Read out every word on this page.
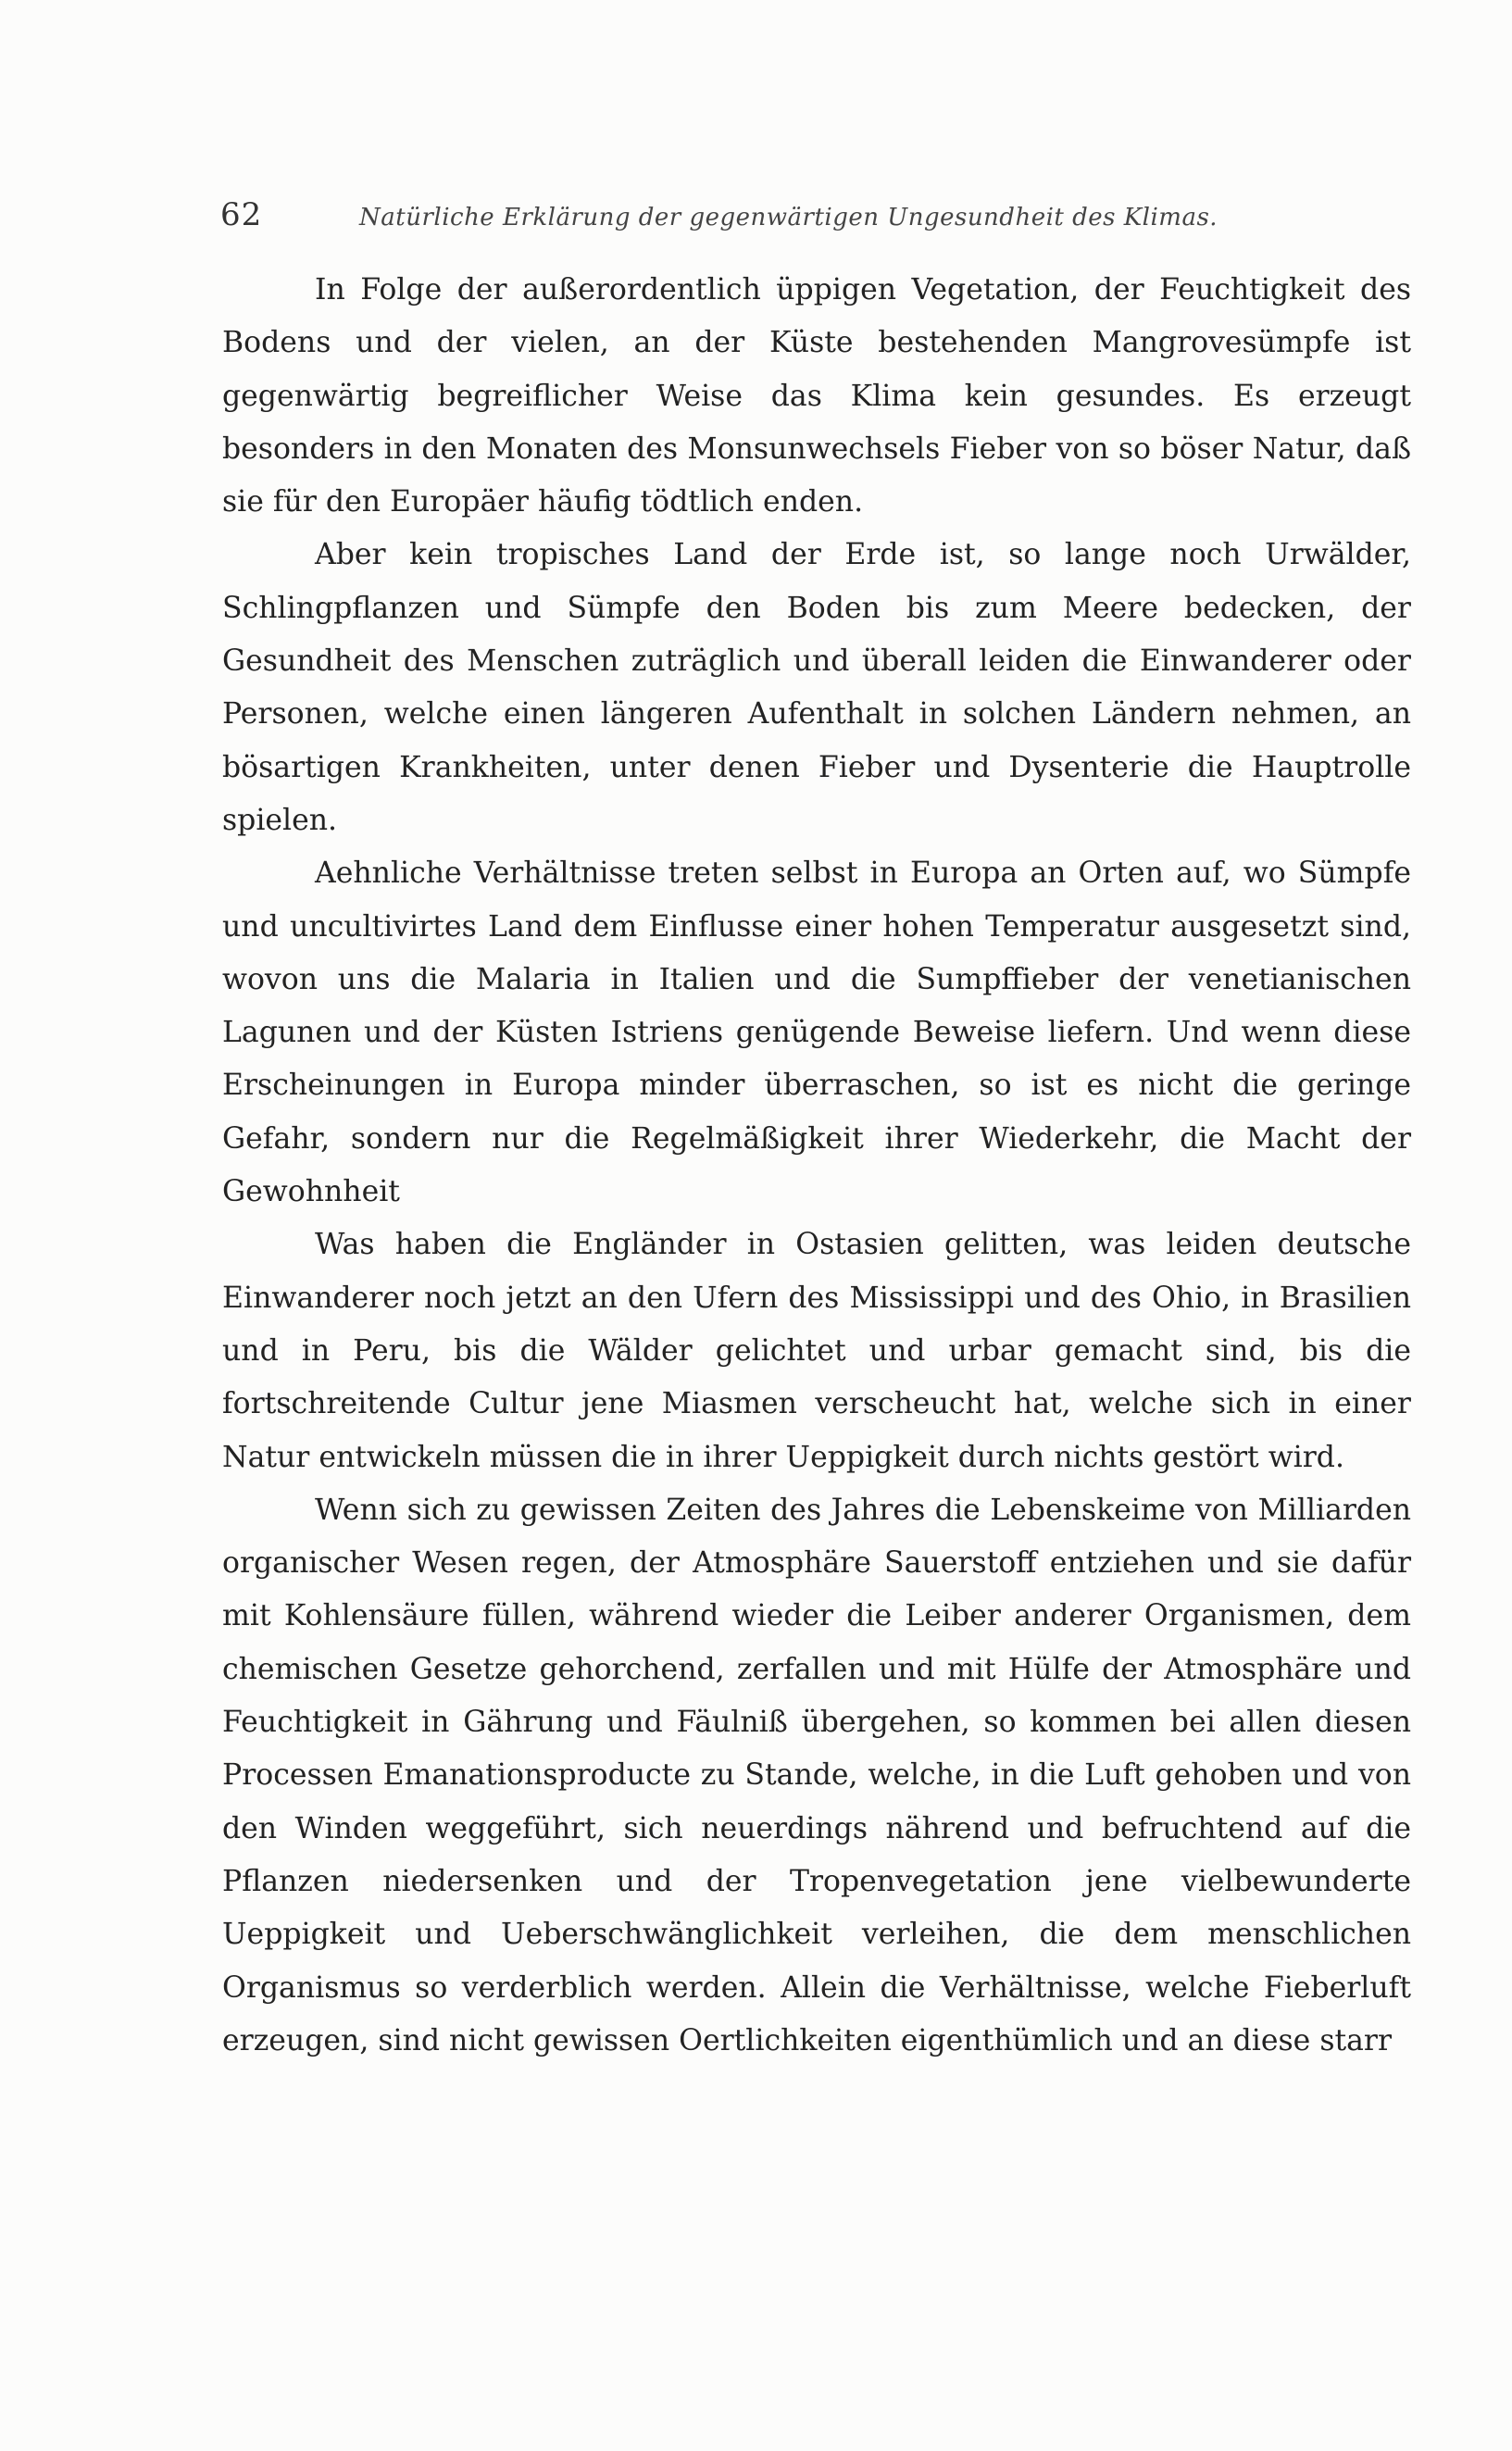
62	Natürliche Erklärung der gegenwärtigen Ungesundheit des Klimas.

In Folge der außerordentlich üppigen Vegetation, der Feuchtigkeit des Bodens und der vielen, an der Küste bestehenden Mangrovesümpfe ist gegenwärtig begreiflicher Weise das Klima kein gesundes. Es erzeugt besonders in den Monaten des Monsunwechsels Fieber von so böser Natur, daß sie für den Europäer häufig tödtlich enden.

Aber kein tropisches Land der Erde ist, so lange noch Urwälder, Schlingpflanzen und Sümpfe den Boden bis zum Meere bedecken, der Gesundheit des Menschen zuträglich und überall leiden die Einwanderer oder Personen, welche einen längeren Aufenthalt in solchen Ländern nehmen, an bösartigen Krankheiten, unter denen Fieber und Dysenterie die Hauptrolle spielen.

Aehnliche Verhältnisse treten selbst in Europa an Orten auf, wo Sümpfe und uncultivirtes Land dem Einflusse einer hohen Temperatur ausgesetzt sind, wovon uns die Malaria in Italien und die Sumpffieber der venetianischen Lagunen und der Küsten Istriens genügende Beweise liefern. Und wenn diese Erscheinungen in Europa minder überraschen, so ist es nicht die geringe Gefahr, sondern nur die Regelmäßigkeit ihrer Wiederkehr, die Macht der Gewohnheit

Was haben die Engländer in Ostasien gelitten, was leiden deutsche Einwanderer noch jetzt an den Ufern des Mississippi und des Ohio, in Brasilien und in Peru, bis die Wälder gelichtet und urbar gemacht sind, bis die fortschreitende Cultur jene Miasmen verscheucht hat, welche sich in einer Natur entwickeln müssen die in ihrer Ueppigkeit durch nichts gestört wird.

Wenn sich zu gewissen Zeiten des Jahres die Lebenskeime von Milliarden organischer Wesen regen, der Atmosphäre Sauerstoff entziehen und sie dafür mit Kohlensäure füllen, während wieder die Leiber anderer Organismen, dem chemischen Gesetze gehorchend, zerfallen und mit Hülfe der Atmosphäre und Feuchtigkeit in Gährung und Fäulniß übergehen, so kommen bei allen diesen Processen Emanationsproducte zu Stande, welche, in die Luft gehoben und von den Winden weggeführt, sich neuerdings nährend und befruchtend auf die Pflanzen niedersenken und der Tropenvegetation jene vielbewunderte Ueppigkeit und Ueberschwänglichkeit verleihen, die dem menschlichen Organismus so verderblich werden. Allein die Verhältnisse, welche Fieberluft erzeugen, sind nicht gewissen Oertlichkeiten eigenthümlich und an diese starr
